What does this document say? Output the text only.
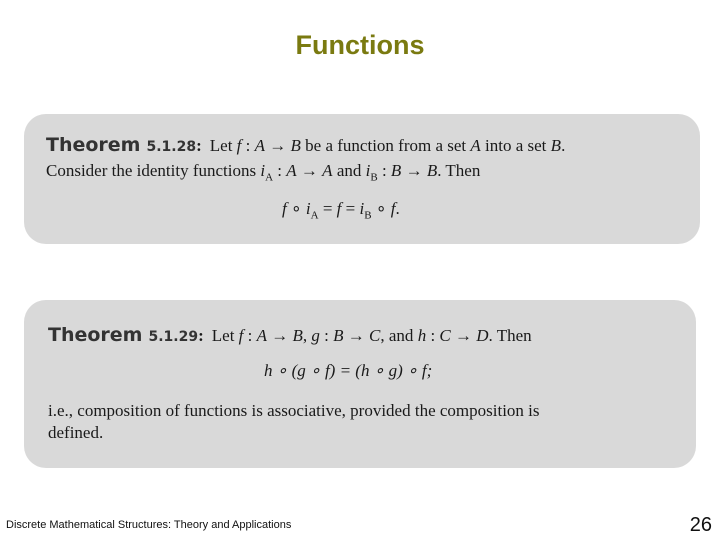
Functions
Theorem 5.1.28: Let f : A → B be a function from a set A into a set B.
Consider the identity functions $i_A$ : A → A and $i_B$ : B → B. Then
f ∘ $i_A = f = i_B$ ∘ f.
Theorem 5.1.29: Let f : A → B, g : B → C, and h : C → D. Then
h ∘ (g ∘ f) = (h ∘ g) ∘ f;
i.e., composition of functions is associative, provided the composition is
defined.
Discrete Mathematical Structures: Theory and Applications	26
